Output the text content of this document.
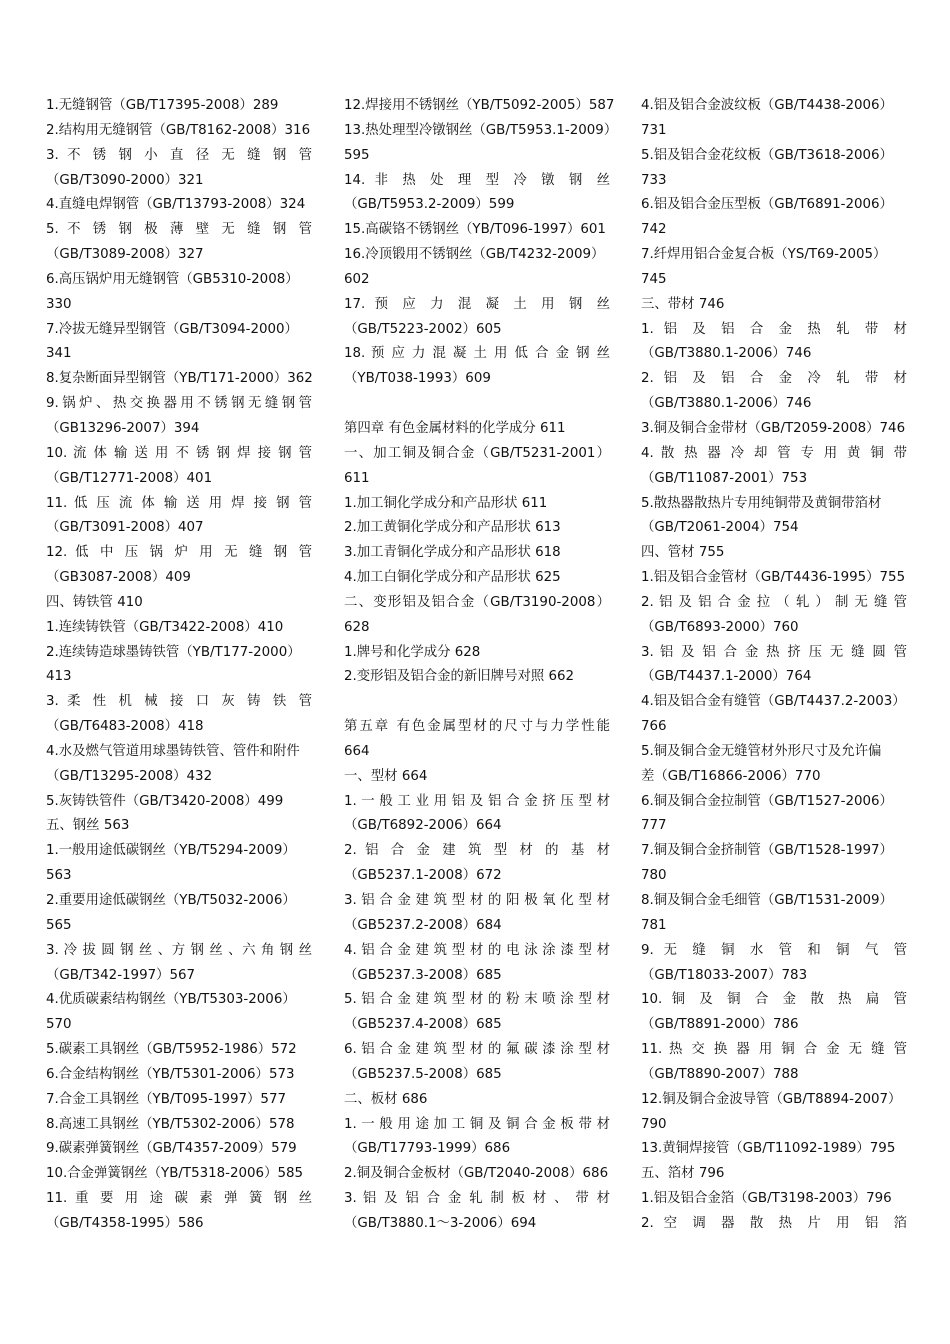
1.无缝钢管（GB/T17395-2008）289
2.结构用无缝钢管（GB/T8162-2008）316
3. 不 锈 钢 小 直 径 无 缝 钢 管
（GB/T3090-2000）321
4.直缝电焊钢管（GB/T13793-2008）324
5. 不 锈 钢 极 薄 壁 无 缝 钢 管
（GB/T3089-2008）327
6.高压锅炉用无缝钢管（GB5310-2008）
330
7.冷拔无缝异型钢管（GB/T3094-2000）
341
8.复杂断面异型钢管（YB/T171-2000）362
9.锅炉、热交换器用不锈钢无缝钢管
（GB13296-2007）394
10. 流 体 输 送 用 不 锈 钢 焊 接 钢 管
（GB/T12771-2008）401
11. 低 压 流 体 输 送 用 焊 接 钢 管
（GB/T3091-2008）407
12. 低 中 压 锅 炉 用 无 缝 钢 管
（GB3087-2008）409
四、铸铁管 410
1.连续铸铁管（GB/T3422-2008）410
2.连续铸造球墨铸铁管（YB/T177-2000）
413
3. 柔 性 机 械 接 口 灰 铸 铁 管
（GB/T6483-2008）418
4.水及燃气管道用球墨铸铁管、管件和附件
（GB/T13295-2008）432
5.灰铸铁管件（GB/T3420-2008）499
五、钢丝 563
1.一般用途低碳钢丝（YB/T5294-2009）
563
2.重要用途低碳钢丝（YB/T5032-2006）
565
3. 冷 拔 圆 钢 丝 、方 钢 丝 、六 角 钢 丝
（GB/T342-1997）567
4.优质碳素结构钢丝（YB/T5303-2006）
570
5.碳素工具钢丝（GB/T5952-1986）572
6.合金结构钢丝（YB/T5301-2006）573
7.合金工具钢丝（YB/T095-1997）577
8.高速工具钢丝（YB/T5302-2006）578
9.碳素弹簧钢丝（GB/T4357-2009）579
10.合金弹簧钢丝（YB/T5318-2006）585
11. 重 要 用 途 碳 素 弹 簧 钢 丝
（GB/T4358-1995）586
12.焊接用不锈钢丝（YB/T5092-2005）587
13.热处理型冷镦钢丝（GB/T5953.1-2009）
595
14. 非 热 处 理 型 冷 镦 钢 丝
（GB/T5953.2-2009）599
15.高碳铬不锈钢丝（YB/T096-1997）601
16.冷顶锻用不锈钢丝（GB/T4232-2009）
602
17. 预 应 力 混 凝 土 用 钢 丝
（GB/T5223-2002）605
18. 预 应 力 混 凝 土 用 低 合 金 钢 丝
（YB/T038-1993）609
第四章 有色金属材料的化学成分 611
一、加工铜及铜合金（GB/T5231-2001）
611
1.加工铜化学成分和产品形状 611
2.加工黄铜化学成分和产品形状 613
3.加工青铜化学成分和产品形状 618
4.加工白铜化学成分和产品形状 625
二、变形铝及铝合金（GB/T3190-2008）
628
1.牌号和化学成分 628
2.变形铝及铝合金的新旧牌号对照 662
第五章 有色金属型材的尺寸与力学性能
664
一、型材 664
1. 一 般 工 业 用 铝 及 铝 合 金 挤 压 型 材
（GB/T6892-2006）664
2. 铝 合 金 建 筑 型 材 的 基 材
（GB5237.1-2008）672
3. 铝 合 金 建 筑 型 材 的 阳 极 氧 化 型 材
（GB5237.2-2008）684
4. 铝 合 金 建 筑 型 材 的 电 泳 涂 漆 型 材
（GB5237.3-2008）685
5. 铝 合 金 建 筑 型 材 的 粉 末 喷 涂 型 材
（GB5237.4-2008）685
6. 铝 合 金 建 筑 型 材 的 氟 碳 漆 涂 型 材
（GB5237.5-2008）685
二、板材 686
1. 一 般 用 途 加 工 铜 及 铜 合 金 板 带 材
（GB/T17793-1999）686
2.铜及铜合金板材（GB/T2040-2008）686
3. 铝 及 铝 合 金 轧 制 板 材 、 带 材
（GB/T3880.1～3-2006）694
4.铝及铝合金波纹板（GB/T4438-2006）
731
5.铝及铝合金花纹板（GB/T3618-2006）
733
6.铝及铝合金压型板（GB/T6891-2006）
742
7.纤焊用铝合金复合板（YS/T69-2005）
745
三、带材 746
1. 铝 及 铝 合 金 热 轧 带 材
（GB/T3880.1-2006）746
2. 铝 及 铝 合 金 冷 轧 带 材
（GB/T3880.1-2006）746
3.铜及铜合金带材（GB/T2059-2008）746
4. 散 热 器 冷 却 管 专 用 黄 铜 带
（GB/T11087-2001）753
5.散热器散热片专用纯铜带及黄铜带箔材
（GB/T2061-2004）754
四、管材 755
1.铝及铝合金管材（GB/T4436-1995）755
2. 铝 及 铝 合 金 拉 （ 轧 ） 制 无 缝 管
（GB/T6893-2000）760
3. 铝 及 铝 合 金 热 挤 压 无 缝 圆 管
（GB/T4437.1-2000）764
4.铝及铝合金有缝管（GB/T4437.2-2003）
766
5.铜及铜合金无缝管材外形尺寸及允许偏
差（GB/T16866-2006）770
6.铜及铜合金拉制管（GB/T1527-2006）
777
7.铜及铜合金挤制管（GB/T1528-1997）
780
8.铜及铜合金毛细管（GB/T1531-2009）
781
9. 无 缝 铜 水 管 和 铜 气 管
（GB/T18033-2007）783
10. 铜 及 铜 合 金 散 热 扁 管
（GB/T8891-2000）786
11. 热 交 换 器 用 铜 合 金 无 缝 管
（GB/T8890-2007）788
12.铜及铜合金波导管（GB/T8894-2007）
790
13.黄铜焊接管（GB/T11092-1989）795
五、箔材 796
1.铝及铝合金箔（GB/T3198-2003）796
2. 空 调 器 散 热 片 用 铝 箔
